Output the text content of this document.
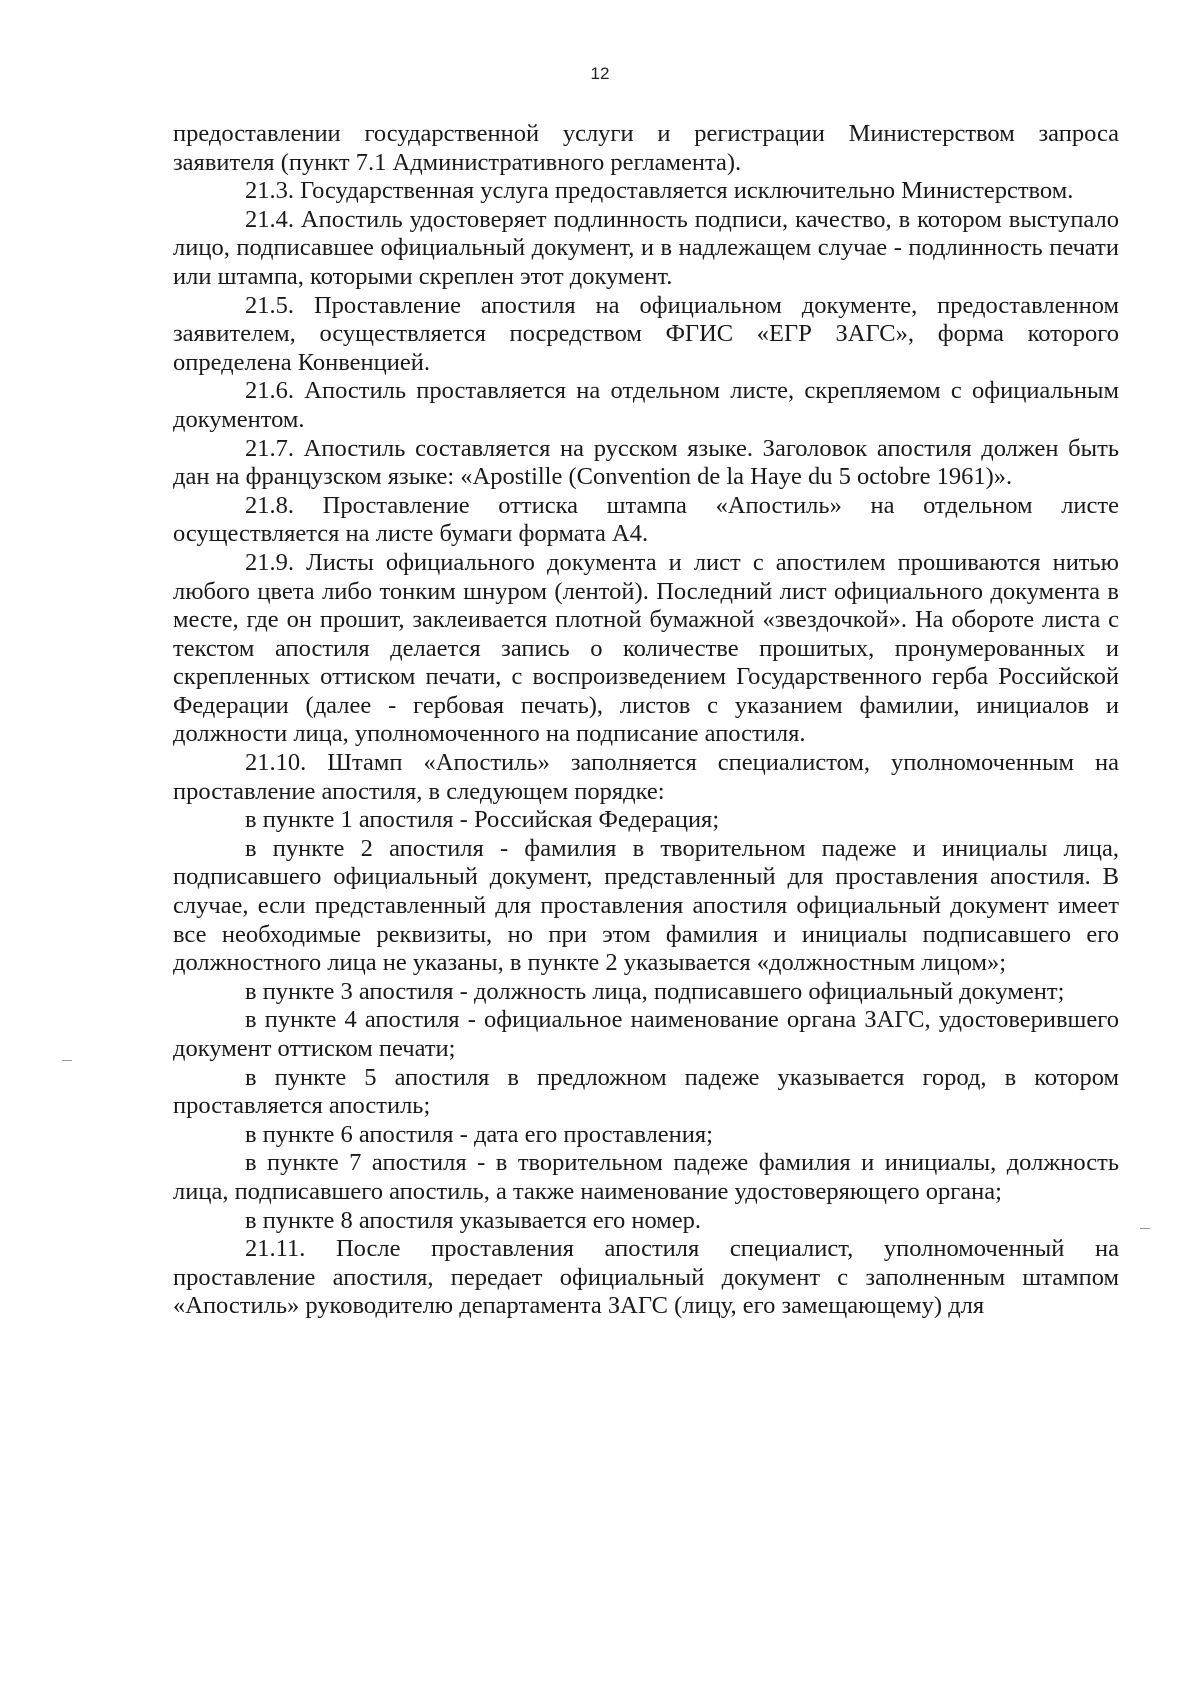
12

предоставлении государственной услуги и регистрации Министерством запроса заявителя (пункт 7.1 Административного регламента).

21.3. Государственная услуга предоставляется исключительно Министерством.

21.4. Апостиль удостоверяет подлинность подписи, качество, в котором выступало лицо, подписавшее официальный документ, и в надлежащем случае - подлинность печати или штампа, которыми скреплен этот документ.

21.5. Проставление апостиля на официальном документе, предоставленном заявителем, осуществляется посредством ФГИС «ЕГР ЗАГС», форма которого определена Конвенцией.

21.6. Апостиль проставляется на отдельном листе, скрепляемом с официальным документом.

21.7. Апостиль составляется на русском языке. Заголовок апостиля должен быть дан на французском языке: «Apostille (Convention de la Haye du 5 octobre 1961)».

21.8. Проставление оттиска штампа «Апостиль» на отдельном листе осуществляется на листе бумаги формата А4.

21.9. Листы официального документа и лист с апостилем прошиваются нитью любого цвета либо тонким шнуром (лентой). Последний лист официального документа в месте, где он прошит, заклеивается плотной бумажной «звездочкой». На обороте листа с текстом апостиля делается запись о количестве прошитых, пронумерованных и скрепленных оттиском печати, с воспроизведением Государственного герба Российской Федерации (далее - гербовая печать), листов с указанием фамилии, инициалов и должности лица, уполномоченного на подписание апостиля.

21.10. Штамп «Апостиль» заполняется специалистом, уполномоченным на проставление апостиля, в следующем порядке:

в пункте 1 апостиля - Российская Федерация;

в пункте 2 апостиля - фамилия в творительном падеже и инициалы лица, подписавшего официальный документ, представленный для проставления апостиля. В случае, если представленный для проставления апостиля официальный документ имеет все необходимые реквизиты, но при этом фамилия и инициалы подписавшего его должностного лица не указаны, в пункте 2 указывается «должностным лицом»;

в пункте 3 апостиля - должность лица, подписавшего официальный документ;

в пункте 4 апостиля - официальное наименование органа ЗАГС, удостоверившего документ оттиском печати;

в пункте 5 апостиля в предложном падеже указывается город, в котором проставляется апостиль;

в пункте 6 апостиля - дата его проставления;

в пункте 7 апостиля - в творительном падеже фамилия и инициалы, должность лица, подписавшего апостиль, а также наименование удостоверяющего органа;

в пункте 8 апостиля указывается его номер.

21.11. После проставления апостиля специалист, уполномоченный на проставление апостиля, передает официальный документ с заполненным штампом «Апостиль» руководителю департамента ЗАГС (лицу, его замещающему) для
